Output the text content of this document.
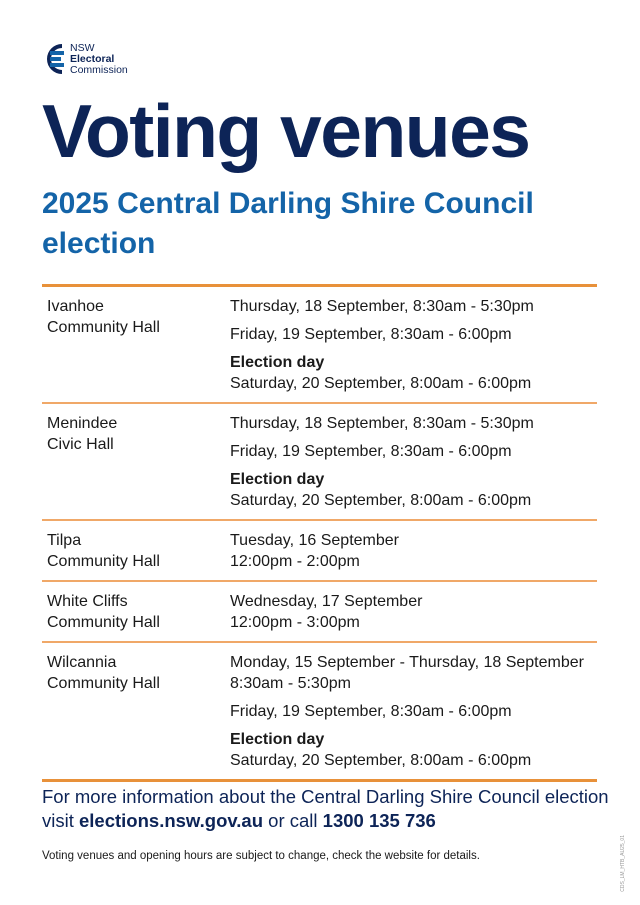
NSW
Electoral
Commission
Voting venues
2025 Central Darling Shire Council election
Ivanhoe
Community Hall
Thursday, 18 September, 8:30am - 5:30pm
Friday, 19 September, 8:30am - 6:00pm
Election day
Saturday, 20 September, 8:00am - 6:00pm
Menindee
Civic Hall
Thursday, 18 September, 8:30am - 5:30pm
Friday, 19 September, 8:30am - 6:00pm
Election day
Saturday, 20 September, 8:00am - 6:00pm
Tilpa
Community Hall
Tuesday, 16 September
12:00pm - 2:00pm
White Cliffs
Community Hall
Wednesday, 17 September
12:00pm - 3:00pm
Wilcannia
Community Hall
Monday, 15 September - Thursday, 18 September
8:30am - 5:30pm
Friday, 19 September, 8:30am - 6:00pm
Election day
Saturday, 20 September, 8:00am - 6:00pm
For more information about the Central Darling Shire Council election visit elections.nsw.gov.au or call 1300 135 736
Voting venues and opening hours are subject to change, check the website for details.	CDS_LM_HTB_AU25_01
